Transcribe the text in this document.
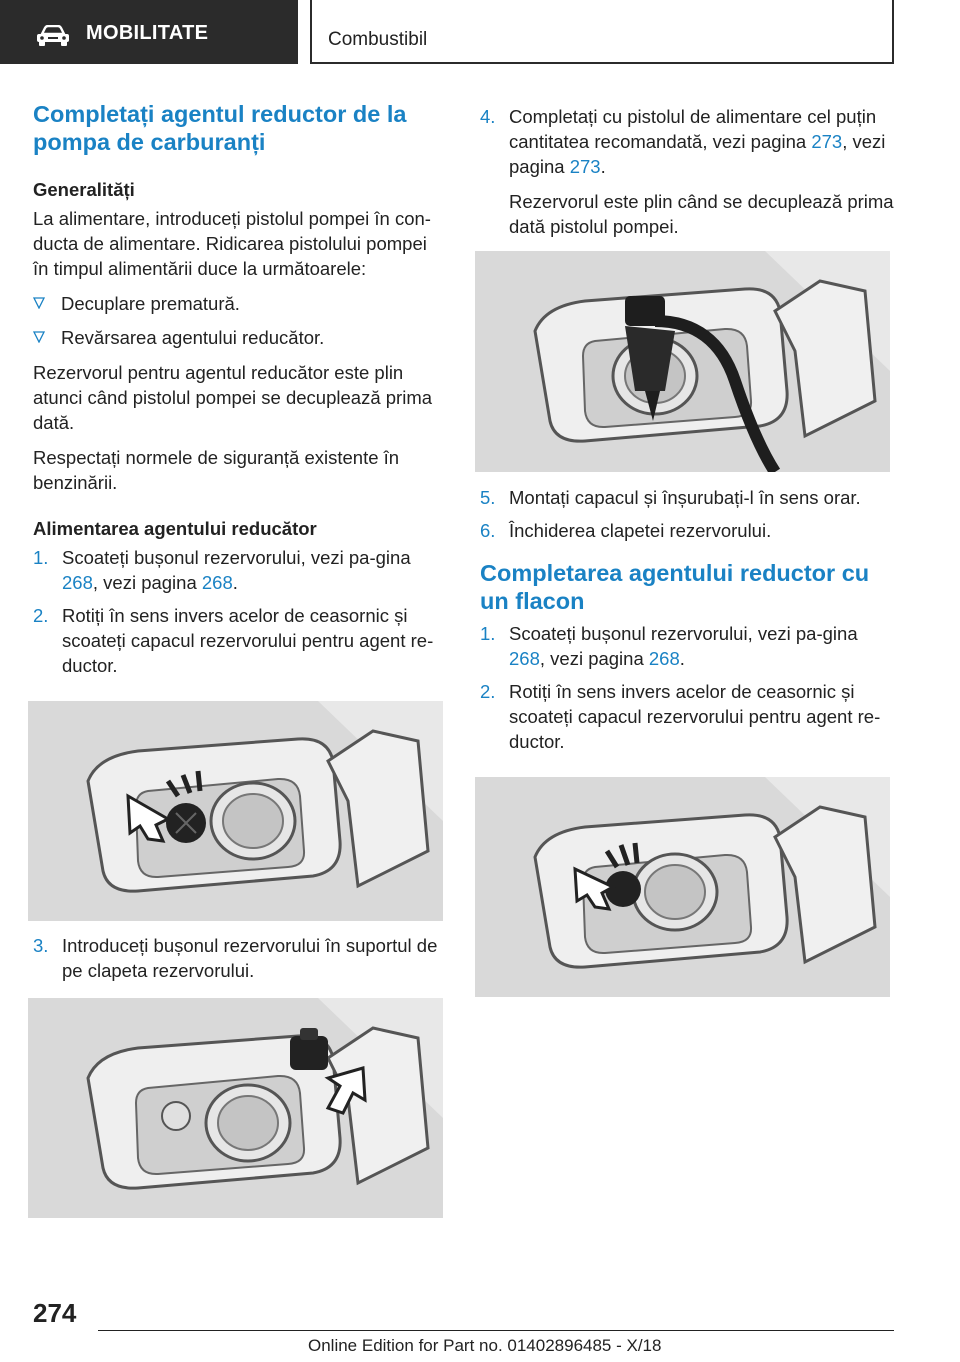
MOBILITATE	Combustibil
Completați agentul reductor de la pompa de carburanți
Generalități

La alimentare, introduceți pistolul pompei în con-ducta de alimentare. Ridicarea pistolului pompei în timpul alimentării duce la următoarele:

Decuplare prematură.
Revărsarea agentului reducător.

Rezervorul pentru agentul reducător este plin atunci când pistolul pompei se decuplează prima dată.

Respectați normele de siguranță existente în benzinării.

Alimentarea agentului reducător
1. Scoateți bușonul rezervorului, vezi pa-gina 268, vezi pagina 268.
2. Rotiți în sens invers acelor de ceasornic și scoateți capacul rezervorului pentru agent re-ductor.
3. Introduceți bușonul rezervorului în suportul de pe clapeta rezervorului.
4. Completați cu pistolul de alimentare cel puțin cantitatea recomandată, vezi pagina 273, vezi pagina 273.
Rezervorul este plin când se decuplează prima dată pistolul pompei.
5. Montați capacul și înșurubați-l în sens orar.
6. Închiderea clapetei rezervorului.
Completarea agentului reductor cu un flacon
1. Scoateți bușonul rezervorului, vezi pa-gina 268, vezi pagina 268.
2. Rotiți în sens invers acelor de ceasornic și scoateți capacul rezervorului pentru agent re-ductor.
274
Online Edition for Part no. 01402896485 - X/18
